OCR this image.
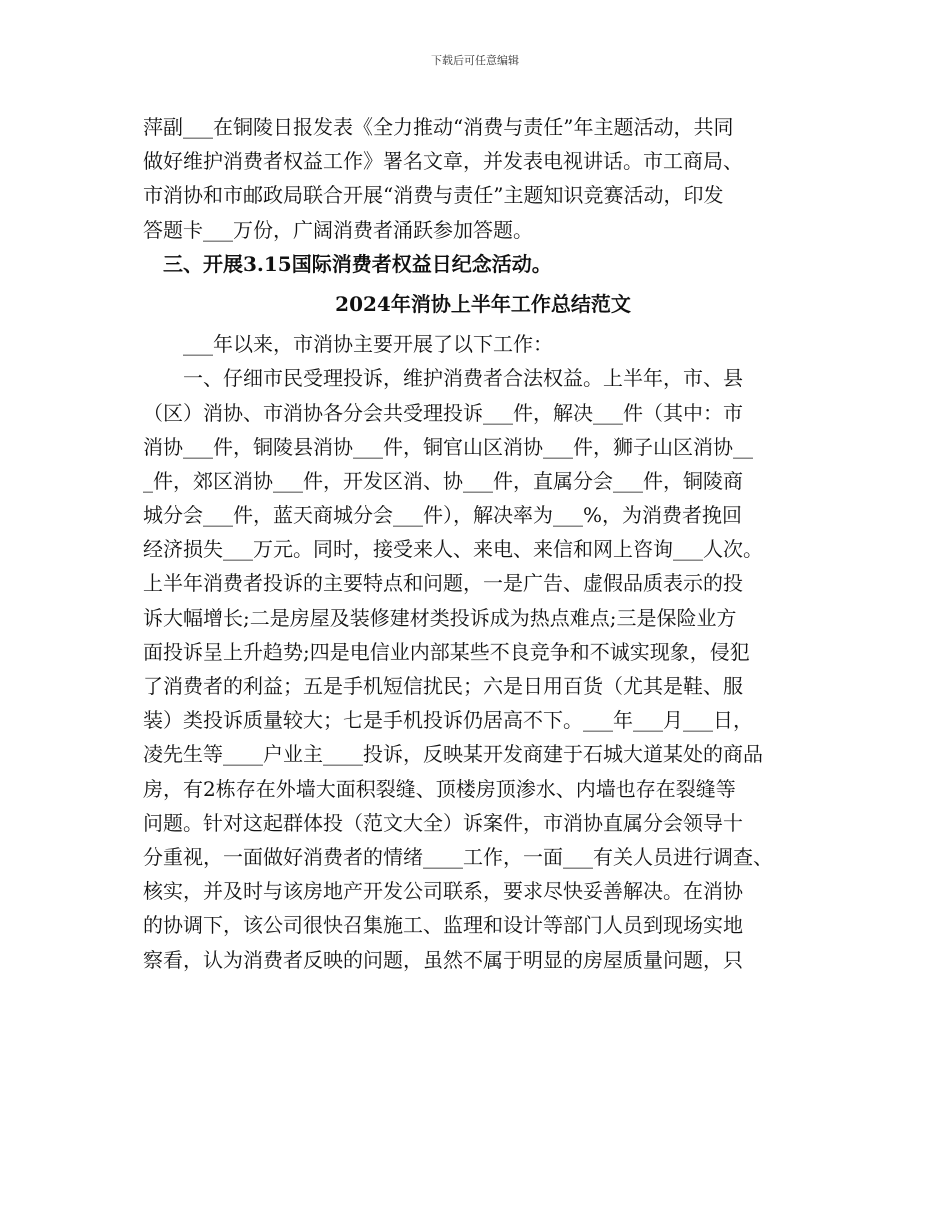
下载后可任意编辑
萍副___在铜陵日报发表《全力推动“消费与责任”年主题活动，共同
做好维护消费者权益工作》署名文章，并发表电视讲话。市工商局、
市消协和市邮政局联合开展“消费与责任”主题知识竞赛活动，印发
答题卡___万份，广阔消费者涌跃参加答题。
　三、开展3.15国际消费者权益日纪念活动。
2024年消协上半年工作总结范文
　　___年以来，市消协主要开展了以下工作：
　　一、仔细市民受理投诉，维护消费者合法权益。上半年，市、县
（区）消协、市消协各分会共受理投诉___件，解决___件（其中：市
消协___件，铜陵县消协___件，铜官山区消协___件，狮子山区消协__
_件，郊区消协___件，开发区消、协___件，直属分会___件，铜陵商
城分会___件，蓝天商城分会___件），解决率为___%，为消费者挽回
经济损失___万元。同时，接受来人、来电、来信和网上咨询___人次。
上半年消费者投诉的主要特点和问题，一是广告、虚假品质表示的投
诉大幅增长;二是房屋及装修建材类投诉成为热点难点;三是保险业方
面投诉呈上升趋势;四是电信业内部某些不良竞争和不诚实现象，侵犯
了消费者的利益；五是手机短信扰民；六是日用百货（尤其是鞋、服
装）类投诉质量较大；七是手机投诉仍居高不下。___年___月___日，
凌先生等____户业主____投诉，反映某开发商建于石城大道某处的商品
房，有2栋存在外墙大面积裂缝、顶楼房顶渗水、内墙也存在裂缝等
问题。针对这起群体投（范文大全）诉案件，市消协直属分会领导十
分重视，一面做好消费者的情绪____工作，一面___有关人员进行调查、
核实，并及时与该房地产开发公司联系，要求尽快妥善解决。在消协
的协调下，该公司很快召集施工、监理和设计等部门人员到现场实地
察看，认为消费者反映的问题，虽然不属于明显的房屋质量问题，只
